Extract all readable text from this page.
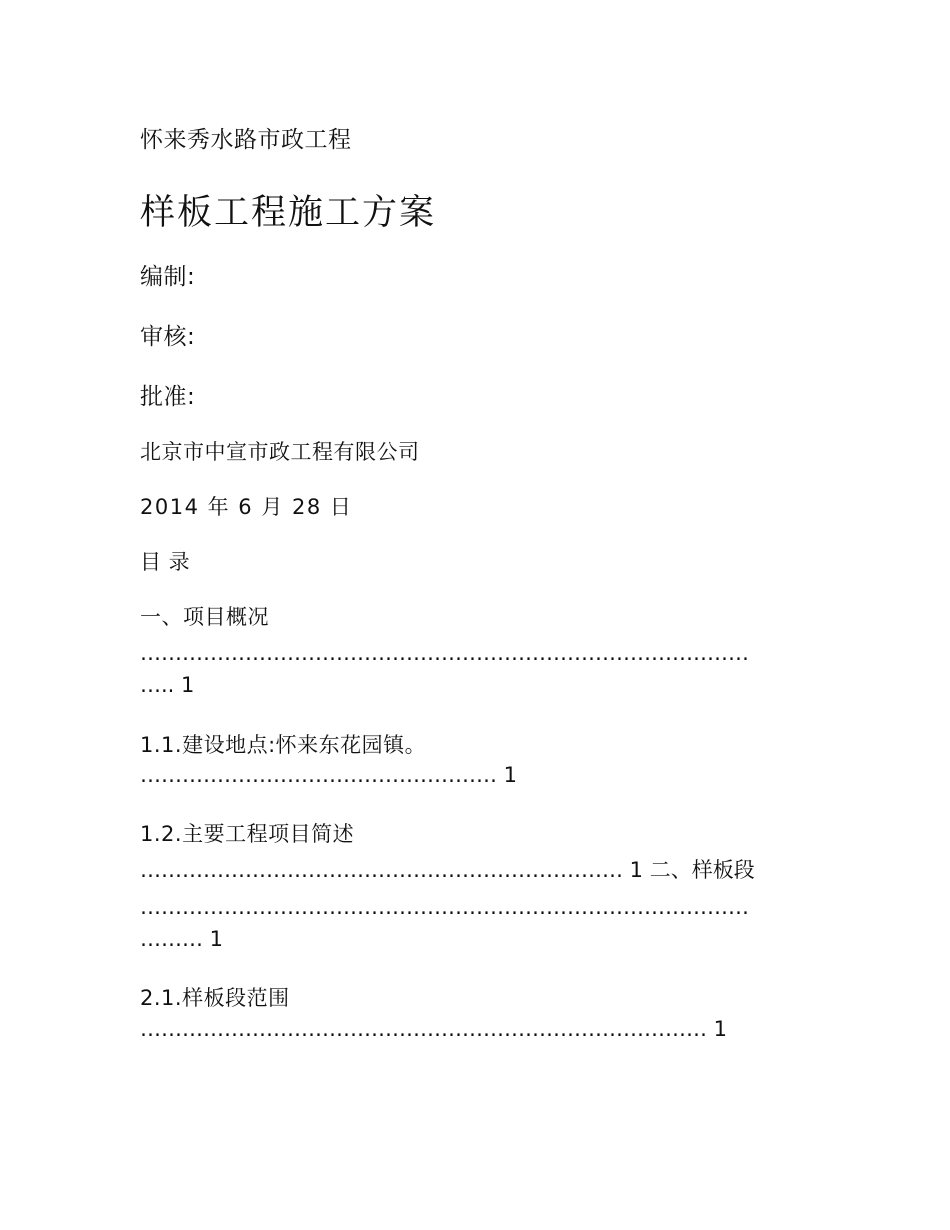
怀来秀水路市政工程
样板工程施工方案
编制:
审核:
批准:
北京市中宣市政工程有限公司
2014 年 6 月 28 日
目 录
一、项目概况
……………………………………………………………………………
….. 1
1.1.建设地点:怀来东花园镇。
…………………………………………… 1
1.2.主要工程项目简述
…………………………………………………………… 1 二、样板段
……………………………………………………………………………
……… 1
2.1.样板段范围
……………………………………………………………………… 1
